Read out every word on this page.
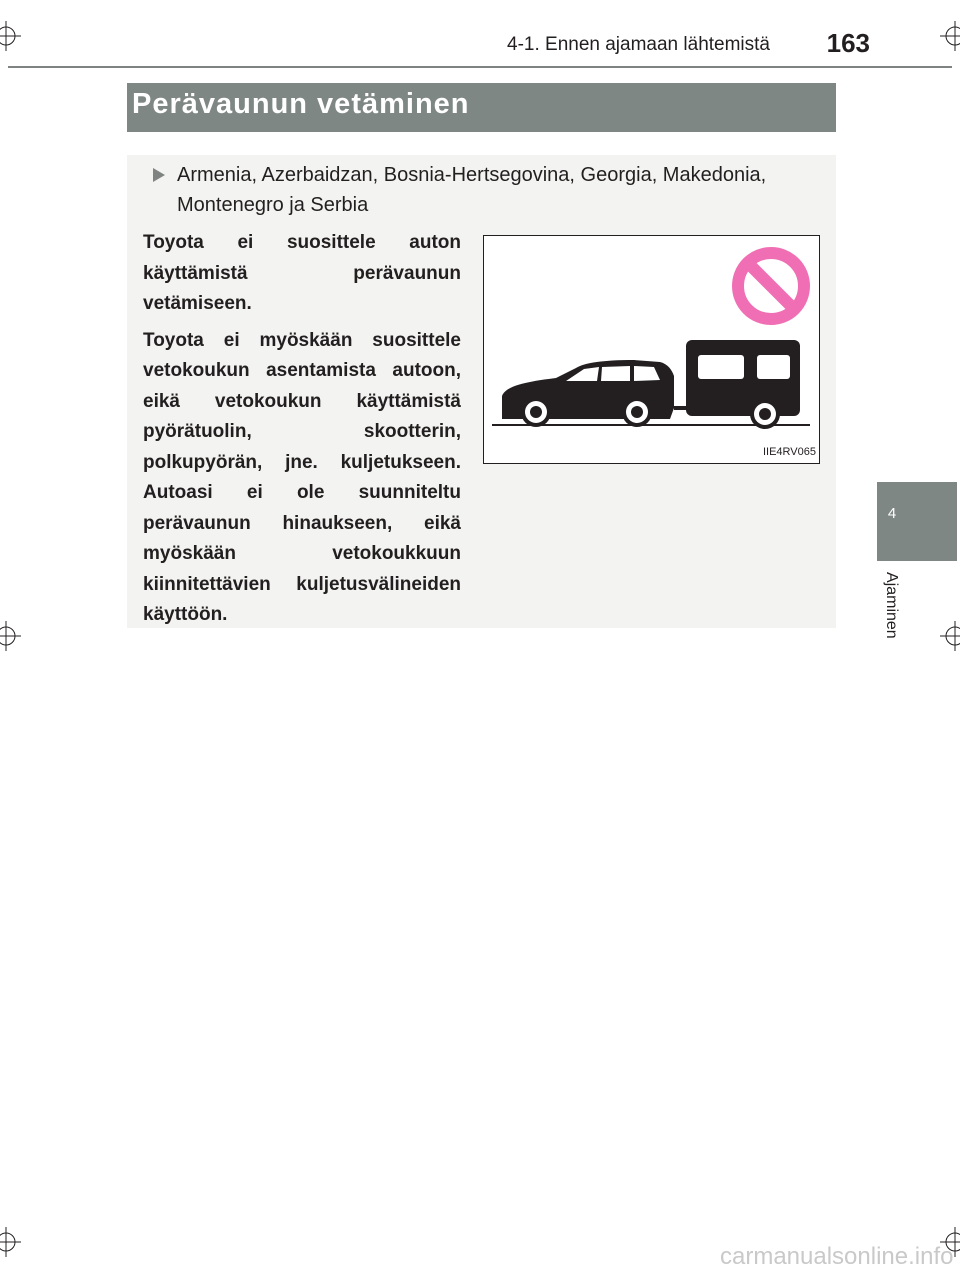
4-1. Ennen ajamaan lähtemistä	163
Perävaunun vetäminen
Armenia, Azerbaidzan, Bosnia-Hertsegovina, Georgia, Makedonia, Montenegro ja Serbia

Toyota ei suosittele auton käyttämistä perävaunun vetämiseen.

Toyota ei myöskään suosittele vetokoukun asentamista autoon, eikä vetokoukun käyttämistä pyörätuolin, skootterin, polkupyörän, jne. kuljetukseen. Autoasi ei ole suunniteltu perävaunun hinaukseen, eikä myöskään vetokoukkuun kiinnitettävien kuljetusvälineiden käyttöön.

IIE4RV065
4
Ajaminen
carmanualsonline.info
